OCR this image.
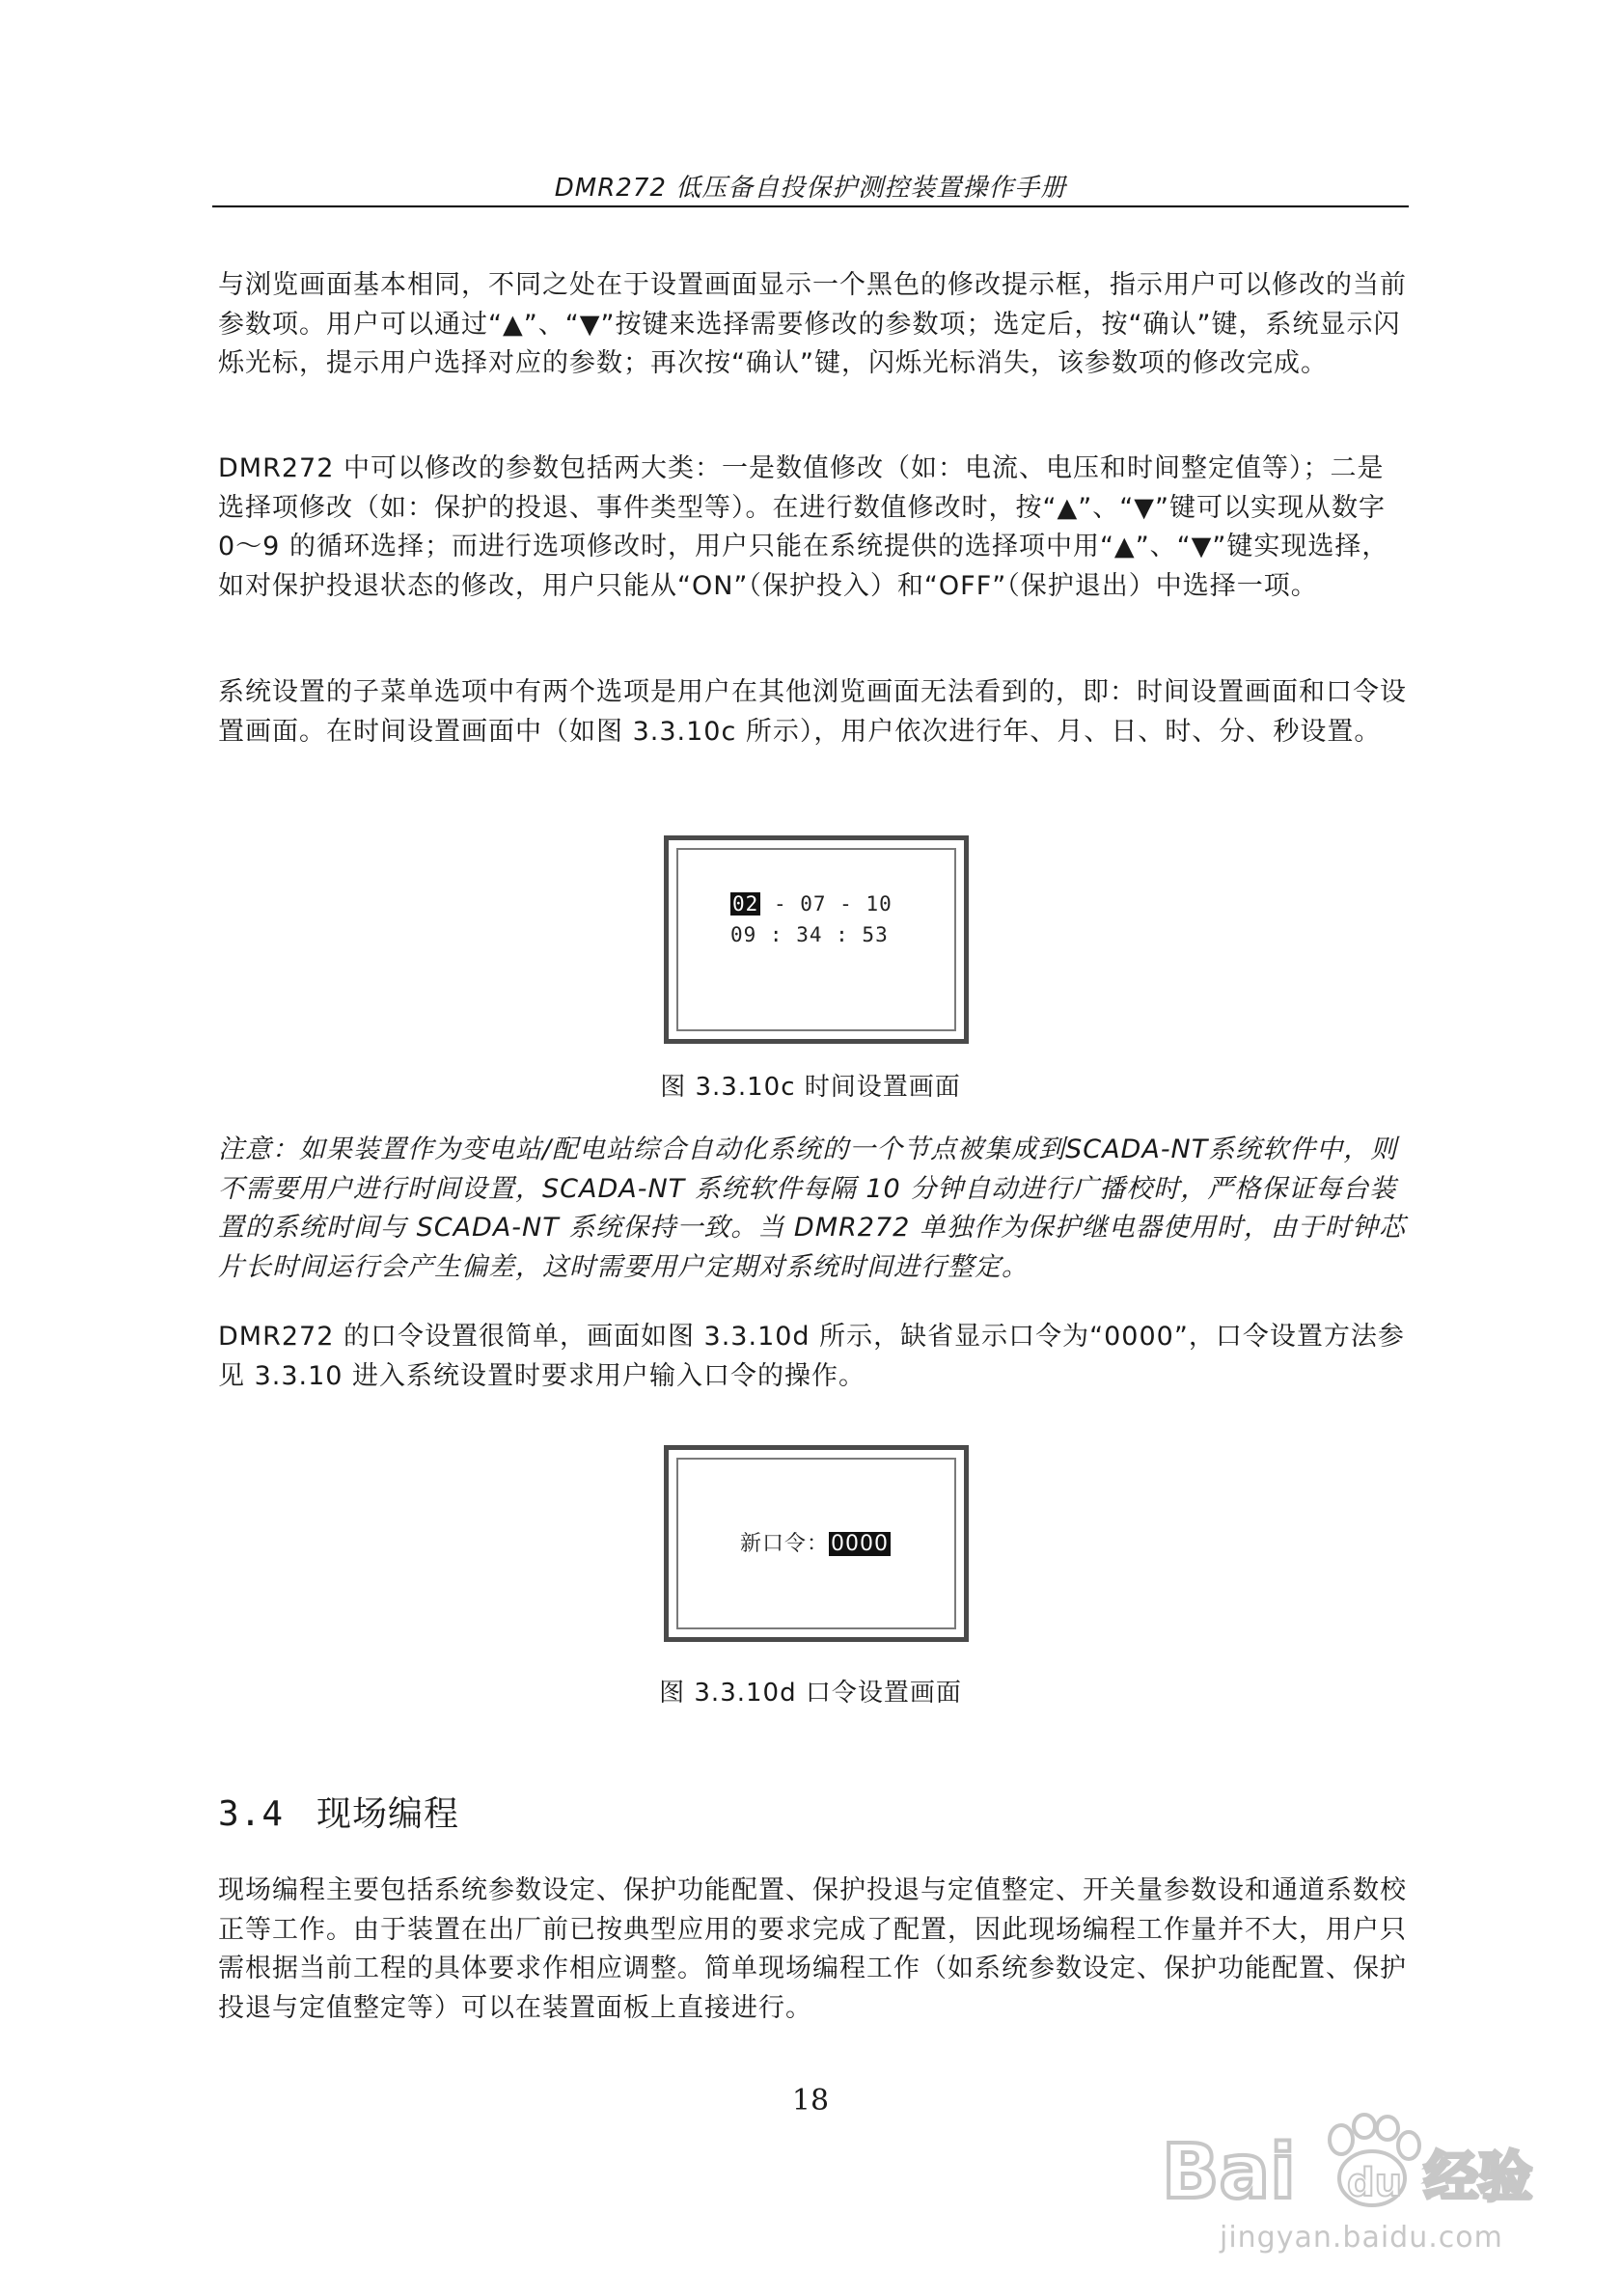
DMR272 低压备自投保护测控装置操作手册

与浏览画面基本相同，不同之处在于设置画面显示一个黑色的修改提示框，指示用户可以修改的当前参数项。用户可以通过“▲”、“▼”按键来选择需要修改的参数项；选定后，按“确认”键，系统显示闪烁光标，提示用户选择对应的参数；再次按“确认”键，闪烁光标消失，该参数项的修改完成。

DMR272 中可以修改的参数包括两大类：一是数值修改（如：电流、电压和时间整定值等）；二是选择项修改（如：保护的投退、事件类型等）。在进行数值修改时，按“▲”、“▼”键可以实现从数字 0～9 的循环选择；而进行选项修改时，用户只能在系统提供的选择项中用“▲”、“▼”键实现选择，如对保护投退状态的修改，用户只能从“ON”（保护投入）和“OFF”（保护退出）中选择一项。

系统设置的子菜单选项中有两个选项是用户在其他浏览画面无法看到的，即：时间设置画面和口令设置画面。在时间设置画面中（如图 3.3.10c 所示），用户依次进行年、月、日、时、分、秒设置。

02 - 07 - 10
09 : 34 : 53
图 3.3.10c 时间设置画面

注意：如果装置作为变电站/配电站综合自动化系统的一个节点被集成到SCADA-NT系统软件中，则不需要用户进行时间设置，SCADA-NT 系统软件每隔 10 分钟自动进行广播校时，严格保证每台装置的系统时间与 SCADA-NT 系统保持一致。当 DMR272 单独作为保护继电器使用时，由于时钟芯片长时间运行会产生偏差，这时需要用户定期对系统时间进行整定。

DMR272 的口令设置很简单，画面如图 3.3.10d 所示，缺省显示口令为“0000”，口令设置方法参见 3.3.10 进入系统设置时要求用户输入口令的操作。

新口令：0000
图 3.3.10d 口令设置画面
3.4 现场编程

现场编程主要包括系统参数设定、保护功能配置、保护投退与定值整定、开关量参数设和通道系数校正等工作。由于装置在出厂前已按典型应用的要求完成了配置，因此现场编程工作量并不大，用户只需根据当前工程的具体要求作相应调整。简单现场编程工作（如系统参数设定、保护功能配置、保护投退与定值整定等）可以在装置面板上直接进行。

18
Bai du 经验
jingyan.baidu.com
